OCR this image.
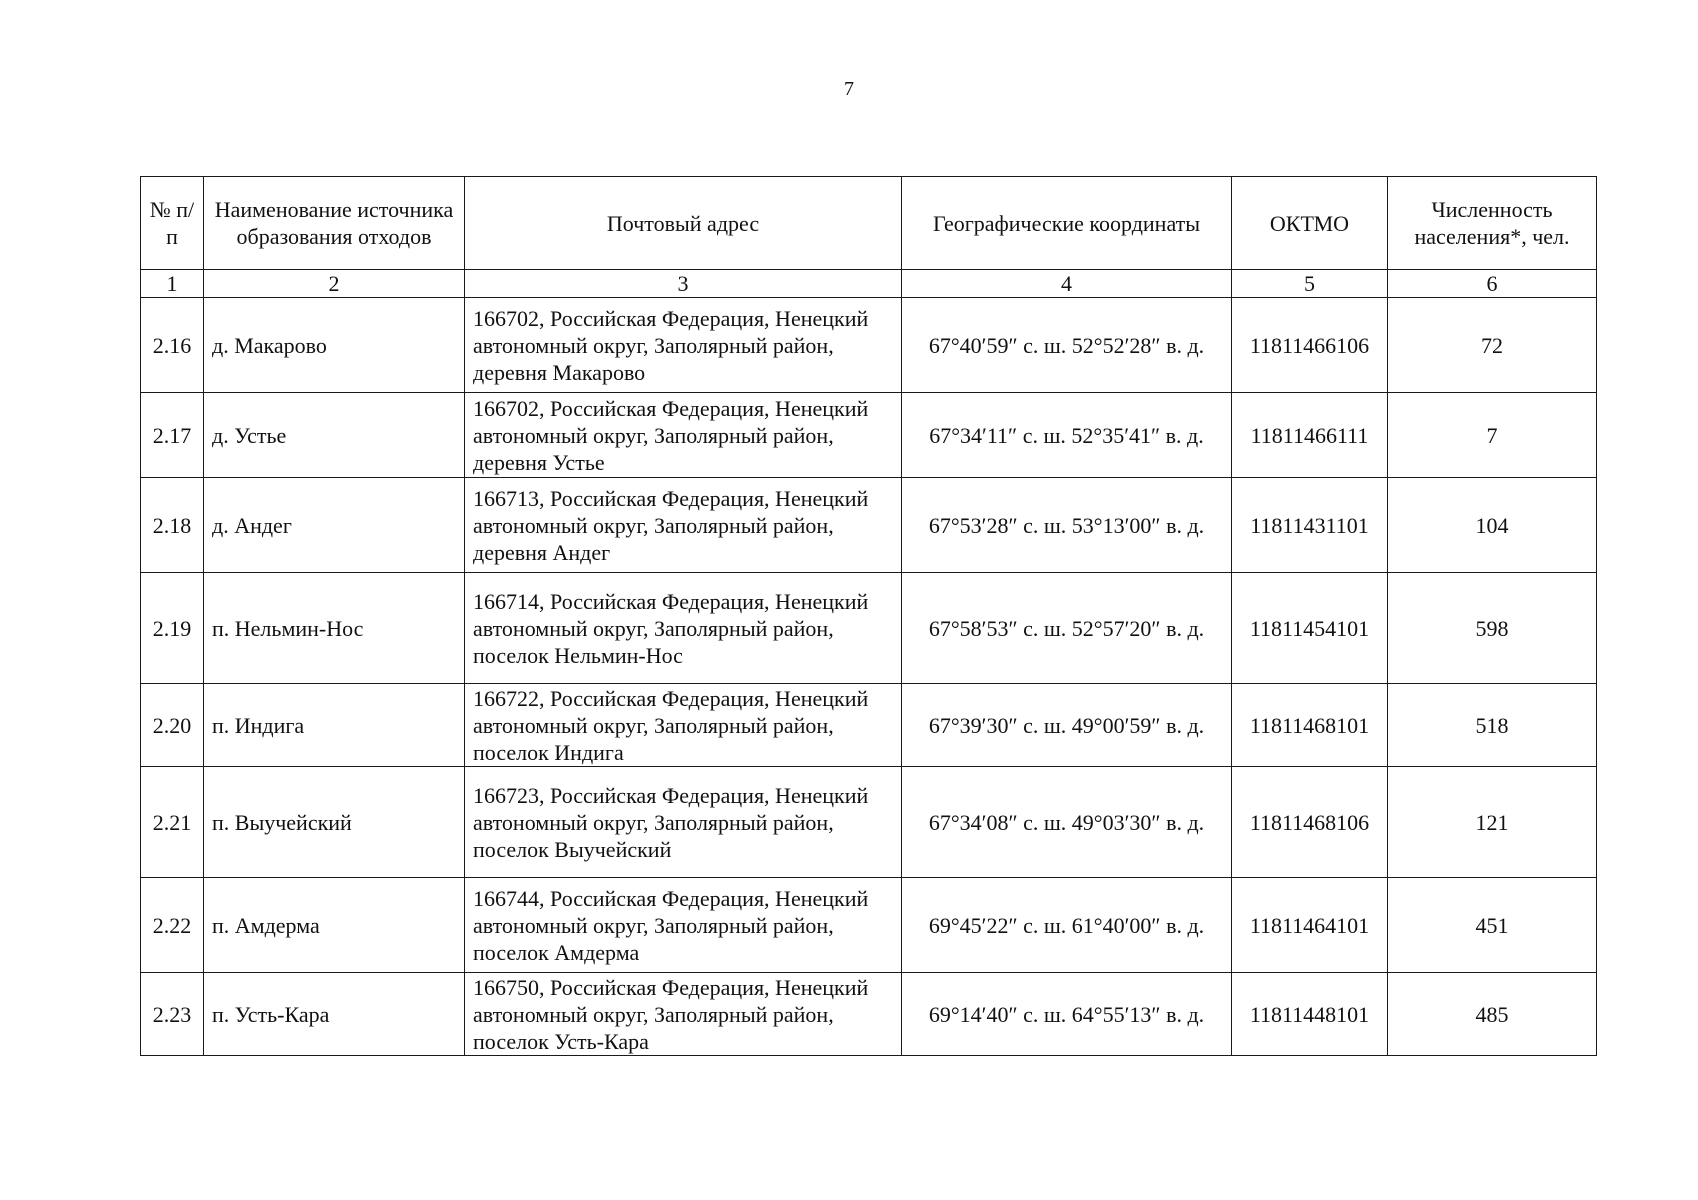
7
№ п/п	Наименование источника образования отходов	Почтовый адрес	Географические координаты	ОКТМО	Численность населения*, чел.
1	2	3	4	5	6
2.16	д. Макарово	166702, Российская Федерация, Ненецкий автономный округ, Заполярный район, деревня Макарово	67°40′59″ с. ш. 52°52′28″ в. д.	11811466106	72
2.17	д. Устье	166702, Российская Федерация, Ненецкий автономный округ, Заполярный район, деревня Устье	67°34′11″ с. ш. 52°35′41″ в. д.	11811466111	7
2.18	д. Андег	166713, Российская Федерация, Ненецкий автономный округ, Заполярный район, деревня Андег	67°53′28″ с. ш. 53°13′00″ в. д.	11811431101	104
2.19	п. Нельмин-Нос	166714, Российская Федерация, Ненецкий автономный округ, Заполярный район, поселок Нельмин-Нос	67°58′53″ с. ш. 52°57′20″ в. д.	11811454101	598
2.20	п. Индига	166722, Российская Федерация, Ненецкий автономный округ, Заполярный район, поселок Индига	67°39′30″ с. ш. 49°00′59″ в. д.	11811468101	518
2.21	п. Выучейский	166723, Российская Федерация, Ненецкий автономный округ, Заполярный район, поселок Выучейский	67°34′08″ с. ш. 49°03′30″ в. д.	11811468106	121
2.22	п. Амдерма	166744, Российская Федерация, Ненецкий автономный округ, Заполярный район, поселок Амдерма	69°45′22″ с. ш. 61°40′00″ в. д.	11811464101	451
2.23	п. Усть-Кара	166750, Российская Федерация, Ненецкий автономный округ, Заполярный район, поселок Усть-Кара	69°14′40″ с. ш. 64°55′13″ в. д.	11811448101	485
